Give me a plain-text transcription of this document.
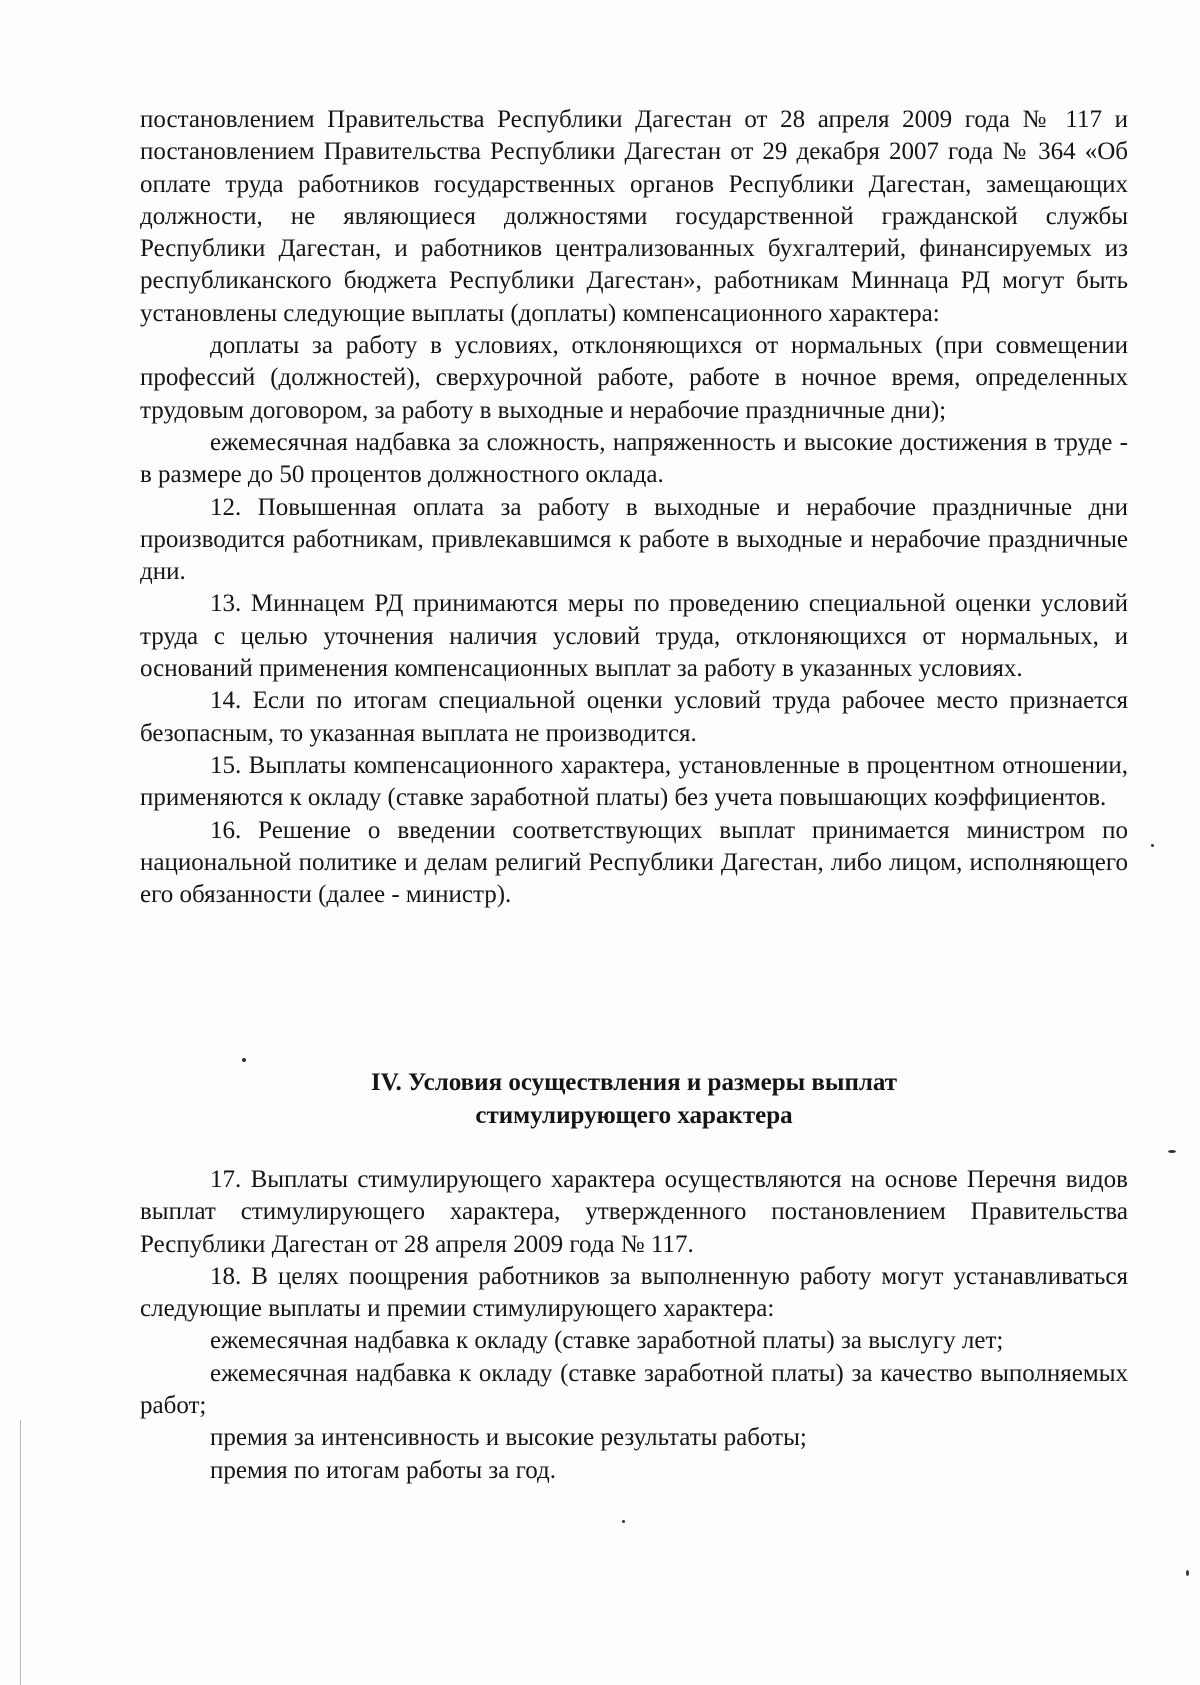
постановлением Правительства Республики Дагестан от 28 апреля 2009 года № 117 и постановлением Правительства Республики Дагестан от 29 декабря 2007 года № 364 «Об оплате труда работников государственных органов Республики Дагестан, замещающих должности, не являющиеся должностями государственной гражданской службы Республики Дагестан, и работников централизованных бухгалтерий, финансируемых из республиканского бюджета Республики Дагестан», работникам Миннаца РД могут быть установлены следующие выплаты (доплаты) компенсационного характера:

доплаты за работу в условиях, отклоняющихся от нормальных (при совмещении профессий (должностей), сверхурочной работе, работе в ночное время, определенных трудовым договором, за работу в выходные и нерабочие праздничные дни);

ежемесячная надбавка за сложность, напряженность и высокие достижения в труде - в размере до 50 процентов должностного оклада.

12. Повышенная оплата за работу в выходные и нерабочие праздничные дни производится работникам, привлекавшимся к работе в выходные и нерабочие праздничные дни.

13. Миннацем РД принимаются меры по проведению специальной оценки условий труда с целью уточнения наличия условий труда, отклоняющихся от нормальных, и оснований применения компенсационных выплат за работу в указанных условиях.

14. Если по итогам специальной оценки условий труда рабочее место признается безопасным, то указанная выплата не производится.

15. Выплаты компенсационного характера, установленные в процентном отношении, применяются к окладу (ставке заработной платы) без учета повышающих коэффициентов.

16. Решение о введении соответствующих выплат принимается министром по национальной политике и делам религий Республики Дагестан, либо лицом, исполняющего его обязанности (далее - министр).

IV. Условия осуществления и размеры выплат
стимулирующего характера

17. Выплаты стимулирующего характера осуществляются на основе Перечня видов выплат стимулирующего характера, утвержденного постановлением Правительства Республики Дагестан от 28 апреля 2009 года № 117.

18. В целях поощрения работников за выполненную работу могут устанавливаться следующие выплаты и премии стимулирующего характера:

ежемесячная надбавка к окладу (ставке заработной платы) за выслугу лет;

ежемесячная надбавка к окладу (ставке заработной платы) за качество выполняемых работ;

премия за интенсивность и высокие результаты работы;

премия по итогам работы за год.
